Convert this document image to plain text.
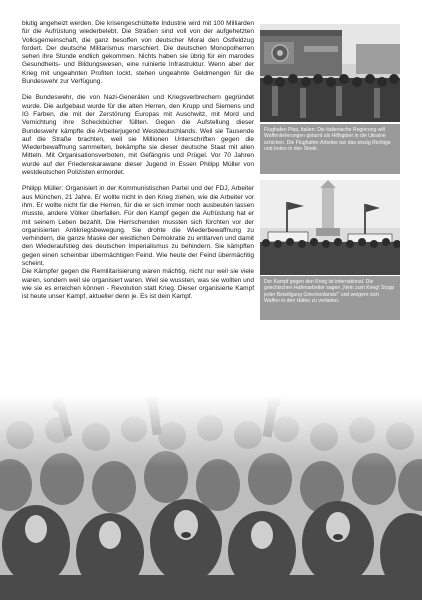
blutig angeheizt werden. Die krisengeschüttelte Industrie wird mit 100 Milliarden für die Aufrüstung wiederbelebt. Die Straßen sind voll von der aufgehetzten Volksgemeinschaft, die ganz besoffen von deutscher Moral den Ostfeldzug fordert. Der deutsche Militarismus marschiert. Die deutschen Monopolherren sehen ihre Stunde endlich gekommen. Nichts haben sie übrig für ein marodes Gesundheits- und Bildungswesen, eine ruinierte Infrastruktur. Wenn aber der Krieg mit ungeahnten Profiten lockt, stehen ungeahnte Geldmengen für die Bundeswehr zur Verfügung.

Die Bundeswehr, die von Nazi-Generälen und Kriegsverbrechern gegründet wurde. Die aufgebaut wurde für die alten Herren, den Krupp und Siemens und IG Farben, die mit der Zerstörung Europas mit Auschwitz, mit Mord und Vernichtung ihre Scheckbücher füllten. Gegen die Aufstellung dieser Bundeswehr kämpfte die Arbeiterjugend Westdeutschlands. Weil sie Tausende auf die Straße brachten, weil sie Millionen Unterschriften gegen die Wiederbewaffnung sammelten, bekämpfte sie dieser deutsche Staat mit allen Mitteln. Mit Organisationsverboten, mit Gefängnis und Prügel. Vor 70 Jahren wurde auf der Friedenskarawane dieser Jugend in Essen Philipp Müller von westdeutschen Polizisten ermordet.

Philipp Müller: Organisiert in der Kommunistischen Partei und der FDJ, Arbeiter aus München, 21 Jahre. Er wollte nicht in den Krieg ziehen, wie die Arbeiter vor ihm. Er wollte nicht für die Herren, für die er sich immer noch ausbeuten lassen musste, andere Völker überfallen. Für den Kampf gegen die Aufrüstung hat er mit seinem Leben bezahlt. Die Herrschenden mussten sich fürchten vor der organisierten Antikriegsbewegung. Sie drohte die Wiederbewaffnung zu verhindern, die ganze Maske der westlichen Demokratie zu entlarven und damit den Wiederaufstieg des deutschen Imperialismus zu behindern. Sie kämpften gegen einen scheinbar übermächtigen Feind. Wie heute der Feind übermächtig scheint.

Die Kämpfer gegen die Remilitarisierung waren mächtig, nicht nur weil sie viele waren, sondern weil sie organisiert waren. Weil sie wussten, was sie wollten und wie sie es erreichen können - Revolution statt Krieg. Dieser organisierte Kampf ist heute unser Kampf, aktueller denn je. Es ist dein Kampf.

Flughafen Pisa, Italien: Die italienische Regierung will Waffenlieferungen getarnt als Hilfsgüter in die Ukraine schicken. Die Flughafen-Arbeiter tun das einzig Richtige und treten in den Streik.
Der Kampf gegen den Krieg ist international. Die griechischen Hafenarbeiter sagen „Nein zum Krieg! Stopp jeder Beteiligung Griechenlands!“ und weigern sich Waffen in den Häfen zu verladen.
